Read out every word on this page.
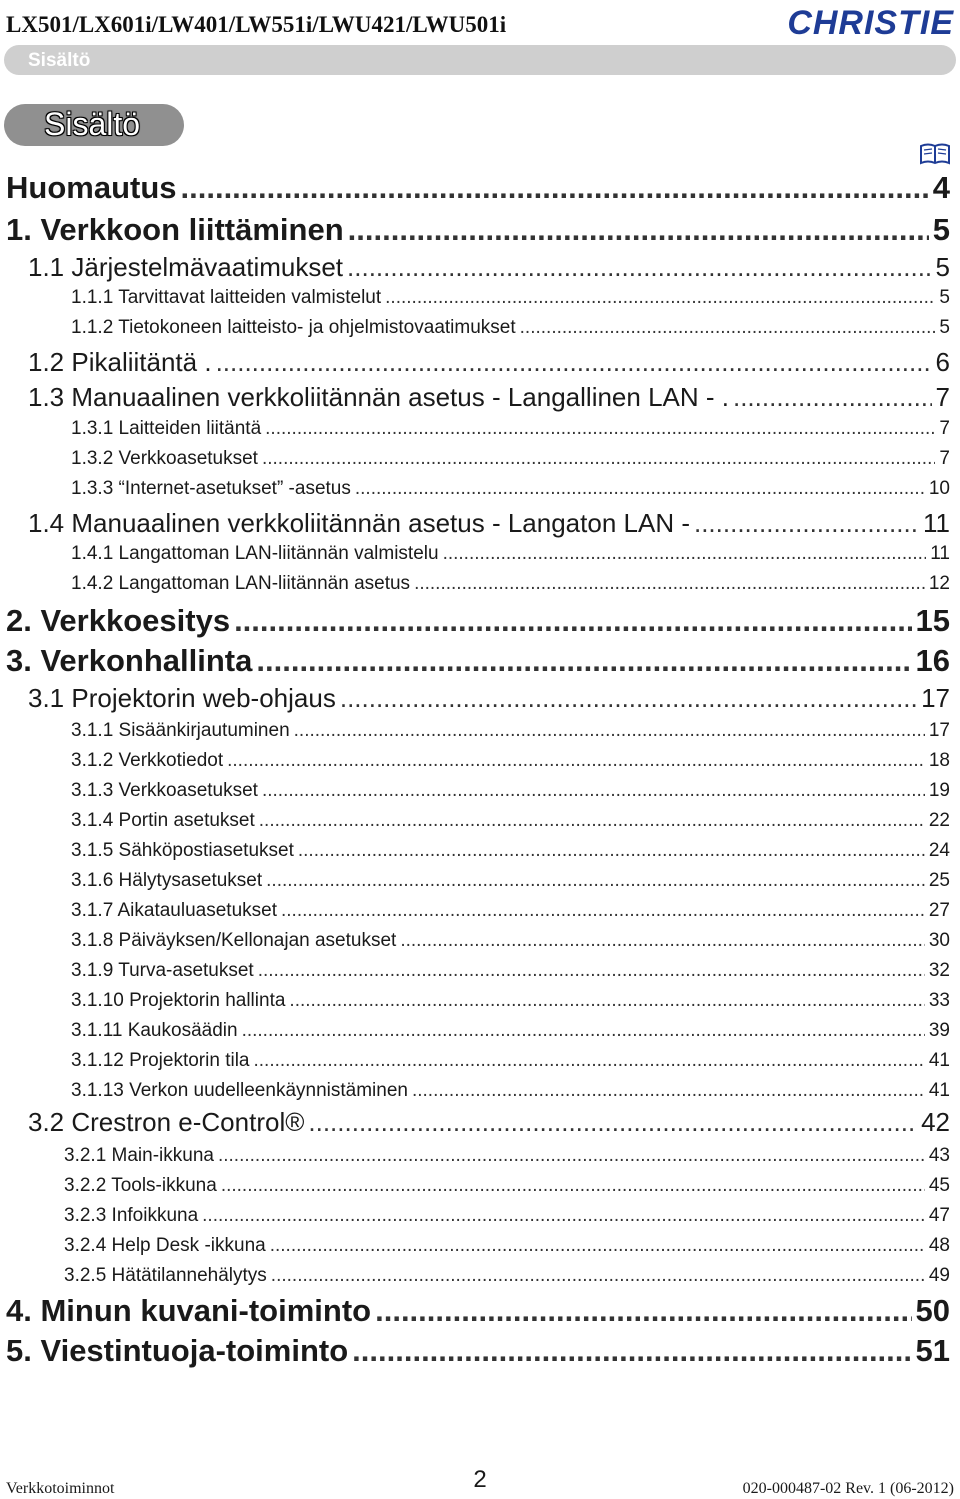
LX501/LX601i/LW401/LW551i/LWU421/LWU501i	CHRISTIE
Sisältö
Sisältö
Huomautus .....	4
1. Verkkoon liittäminen .....	5
1.1 Järjestelmävaatimukset .....	5
1.1.1 Tarvittavat laitteiden valmistelut .....	5
1.1.2 Tietokoneen laitteisto- ja ohjelmistovaatimukset .....	5
1.2 Pikaliitäntä . .....	6
1.3 Manuaalinen verkkoliitännän asetus - Langallinen LAN - . .....	7
1.3.1 Laitteiden liitäntä .....	7
1.3.2 Verkkoasetukset .....	7
1.3.3 “Internet-asetukset” -asetus .....	10
1.4 Manuaalinen verkkoliitännän asetus - Langaton LAN - .....	11
1.4.1 Langattoman LAN-liitännän valmistelu .....	11
1.4.2 Langattoman LAN-liitännän asetus .....	12
2. Verkkoesitys .....	15
3. Verkonhallinta .....	16
3.1 Projektorin web-ohjaus .....	17
3.1.1 Sisäänkirjautuminen .....	17
3.1.2 Verkkotiedot .....	18
3.1.3 Verkkoasetukset .....	19
3.1.4 Portin asetukset .....	22
3.1.5 Sähköpostiasetukset .....	24
3.1.6 Hälytysasetukset .....	25
3.1.7 Aikatauluasetukset .....	27
3.1.8 Päiväyksen/Kellonajan asetukset .....	30
3.1.9 Turva-asetukset .....	32
3.1.10 Projektorin hallinta .....	33
3.1.11 Kaukosäädin .....	39
3.1.12 Projektorin tila .....	41
3.1.13 Verkon uudelleenkäynnistäminen .....	41
3.2 Crestron e-Control® .....	42
3.2.1 Main-ikkuna .....	43
3.2.2 Tools-ikkuna .....	45
3.2.3 Infoikkuna .....	47
3.2.4 Help Desk -ikkuna .....	48
3.2.5 Hätätilannehälytys .....	49
4. Minun kuvani-toiminto .....	50
5. Viestintuoja-toiminto .....	51
Verkkotoiminnot	2	020-000487-02 Rev. 1 (06-2012)
